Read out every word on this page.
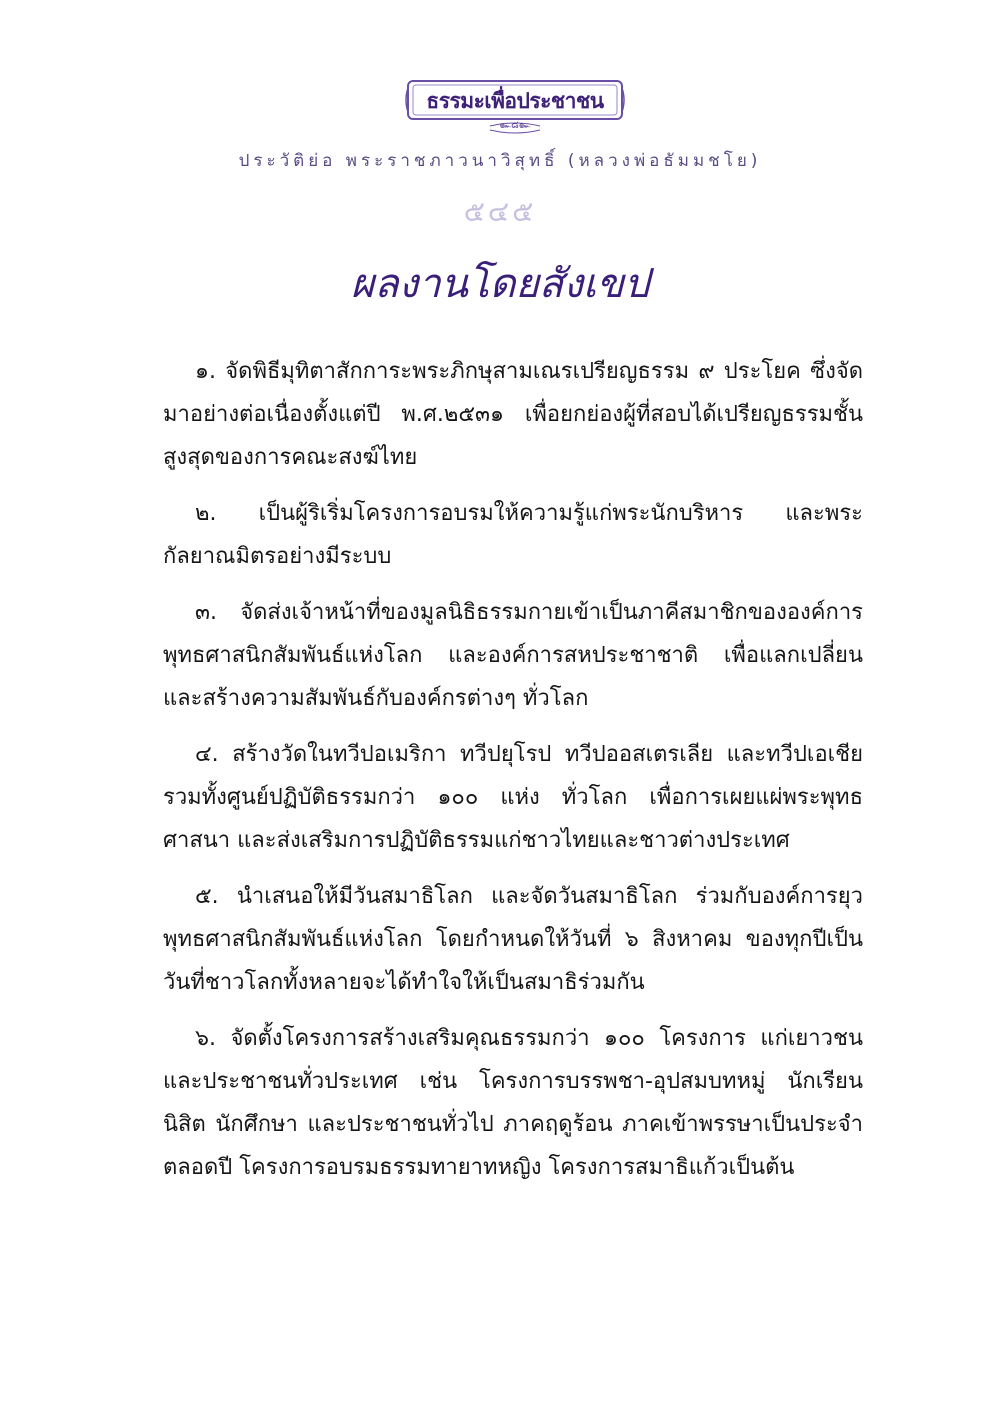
ธรรมะเพื่อประชาชน
๛๘๛
ประวัติย่อ พระราชภาวนาวิสุทธิ์ (หลวงพ่อธัมมชโย)
๕๔๕
ผลงานโดยสังเขป

๑. จัดพิธีมุทิตาสักการะพระภิกษุสามเณรเปรียญธรรม ๙ ประโยค ซึ่งจัดมาอย่างต่อเนื่องตั้งแต่ปี พ.ศ.๒๕๓๑ เพื่อยกย่องผู้ที่สอบได้เปรียญธรรมชั้นสูงสุดของการคณะสงฆ์ไทย

๒. เป็นผู้ริเริ่มโครงการอบรมให้ความรู้แก่พระนักบริหาร และพระกัลยาณมิตรอย่างมีระบบ

๓. จัดส่งเจ้าหน้าที่ของมูลนิธิธรรมกายเข้าเป็นภาคีสมาชิกขององค์การพุทธศาสนิกสัมพันธ์แห่งโลก และองค์การสหประชาชาติ เพื่อแลกเปลี่ยนและสร้างความสัมพันธ์กับองค์กรต่างๆ ทั่วโลก

๔. สร้างวัดในทวีปอเมริกา ทวีปยุโรป ทวีปออสเตรเลีย และทวีปเอเชีย รวมทั้งศูนย์ปฏิบัติธรรมกว่า ๑๐๐ แห่ง ทั่วโลก เพื่อการเผยแผ่พระพุทธศาสนา และส่งเสริมการปฏิบัติธรรมแก่ชาวไทยและชาวต่างประเทศ

๕. นำเสนอให้มีวันสมาธิโลก และจัดวันสมาธิโลก ร่วมกับองค์การยุวพุทธศาสนิกสัมพันธ์แห่งโลก โดยกำหนดให้วันที่ ๖ สิงหาคม ของทุกปีเป็นวันที่ชาวโลกทั้งหลายจะได้ทำใจให้เป็นสมาธิร่วมกัน

๖. จัดตั้งโครงการสร้างเสริมคุณธรรมกว่า ๑๐๐ โครงการ แก่เยาวชนและประชาชนทั่วประเทศ เช่น โครงการบรรพชา-อุปสมบทหมู่ นักเรียน นิสิต นักศึกษา และประชาชนทั่วไป ภาคฤดูร้อน ภาคเข้าพรรษาเป็นประจำตลอดปี โครงการอบรมธรรมทายาทหญิง โครงการสมาธิแก้วเป็นต้น
